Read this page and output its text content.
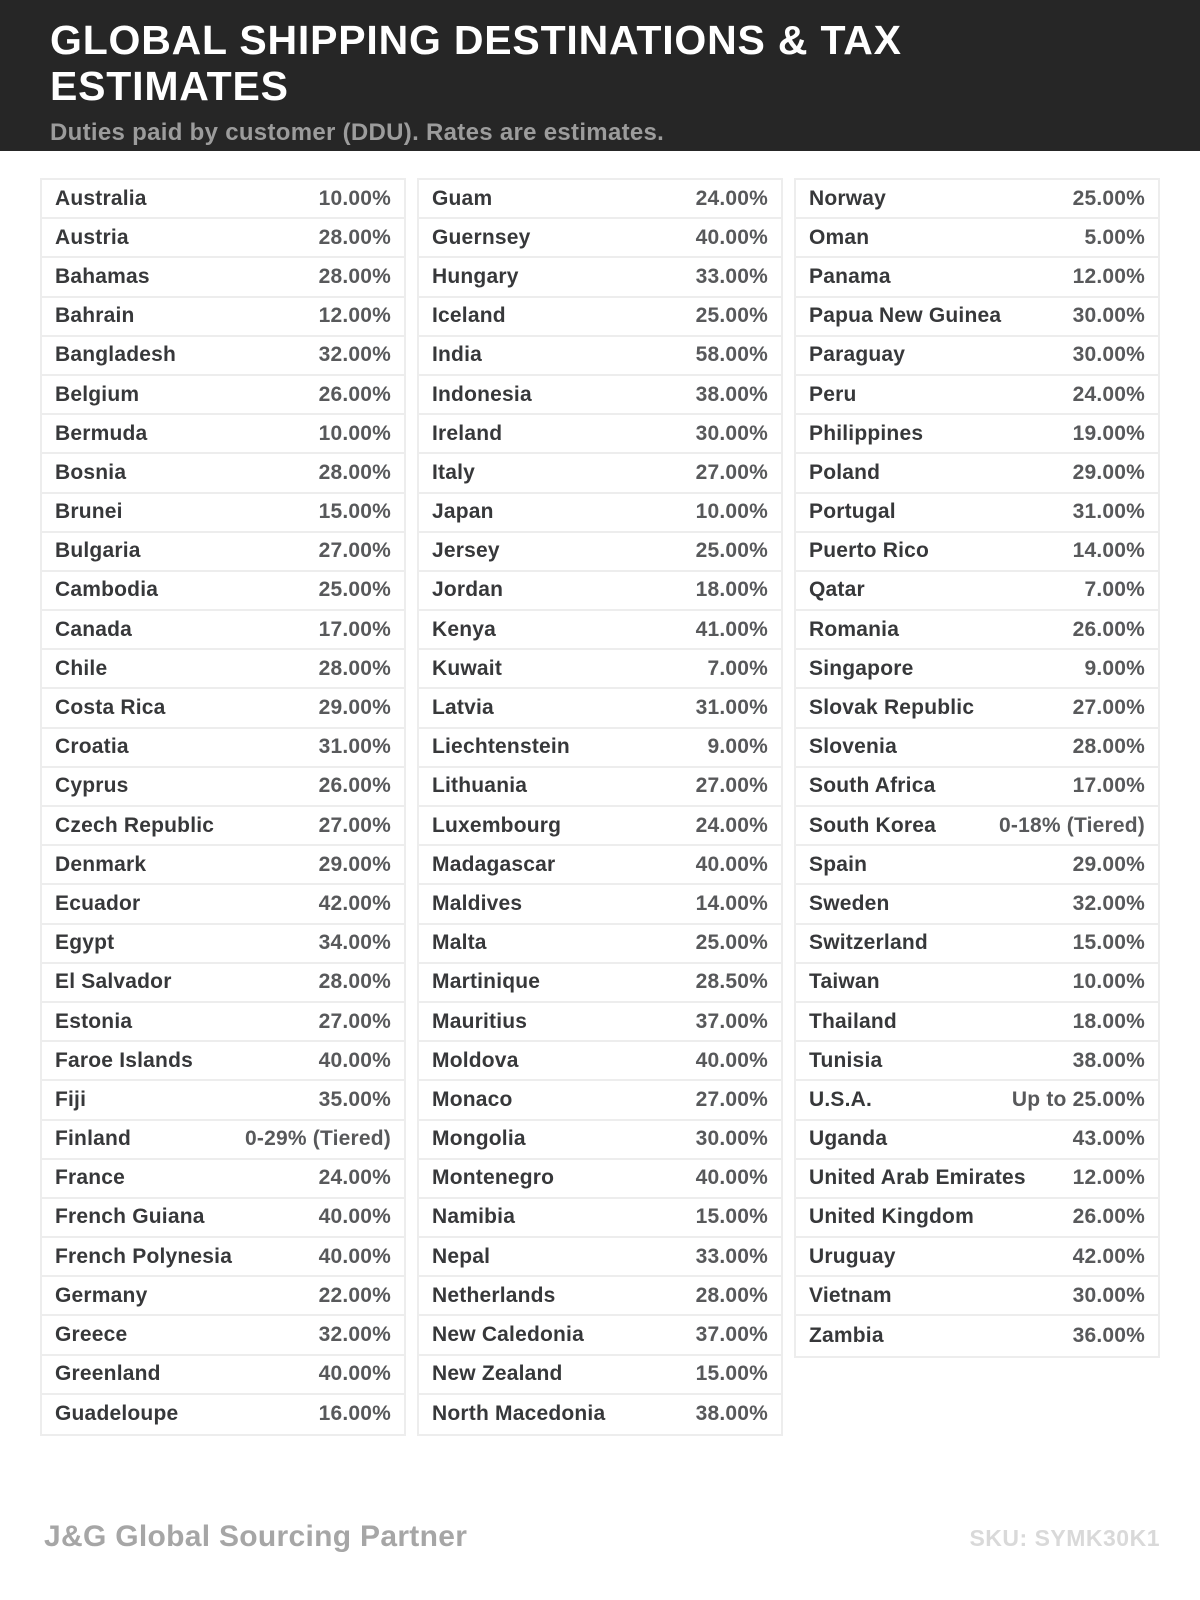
GLOBAL SHIPPING DESTINATIONS & TAX ESTIMATES
Duties paid by customer (DDU). Rates are estimates.
Australia	10.00%
Austria	28.00%
Bahamas	28.00%
Bahrain	12.00%
Bangladesh	32.00%
Belgium	26.00%
Bermuda	10.00%
Bosnia	28.00%
Brunei	15.00%
Bulgaria	27.00%
Cambodia	25.00%
Canada	17.00%
Chile	28.00%
Costa Rica	29.00%
Croatia	31.00%
Cyprus	26.00%
Czech Republic	27.00%
Denmark	29.00%
Ecuador	42.00%
Egypt	34.00%
El Salvador	28.00%
Estonia	27.00%
Faroe Islands	40.00%
Fiji	35.00%
Finland	0-29% (Tiered)
France	24.00%
French Guiana	40.00%
French Polynesia	40.00%
Germany	22.00%
Greece	32.00%
Greenland	40.00%
Guadeloupe	16.00%
Guam	24.00%
Guernsey	40.00%
Hungary	33.00%
Iceland	25.00%
India	58.00%
Indonesia	38.00%
Ireland	30.00%
Italy	27.00%
Japan	10.00%
Jersey	25.00%
Jordan	18.00%
Kenya	41.00%
Kuwait	7.00%
Latvia	31.00%
Liechtenstein	9.00%
Lithuania	27.00%
Luxembourg	24.00%
Madagascar	40.00%
Maldives	14.00%
Malta	25.00%
Martinique	28.50%
Mauritius	37.00%
Moldova	40.00%
Monaco	27.00%
Mongolia	30.00%
Montenegro	40.00%
Namibia	15.00%
Nepal	33.00%
Netherlands	28.00%
New Caledonia	37.00%
New Zealand	15.00%
North Macedonia	38.00%
Norway	25.00%
Oman	5.00%
Panama	12.00%
Papua New Guinea	30.00%
Paraguay	30.00%
Peru	24.00%
Philippines	19.00%
Poland	29.00%
Portugal	31.00%
Puerto Rico	14.00%
Qatar	7.00%
Romania	26.00%
Singapore	9.00%
Slovak Republic	27.00%
Slovenia	28.00%
South Africa	17.00%
South Korea	0-18% (Tiered)
Spain	29.00%
Sweden	32.00%
Switzerland	15.00%
Taiwan	10.00%
Thailand	18.00%
Tunisia	38.00%
U.S.A.	Up to 25.00%
Uganda	43.00%
United Arab Emirates 12.00%
United Kingdom	26.00%
Uruguay	42.00%
Vietnam	30.00%
Zambia	36.00%
J&G Global Sourcing Partner	SKU: SYMK30K1
